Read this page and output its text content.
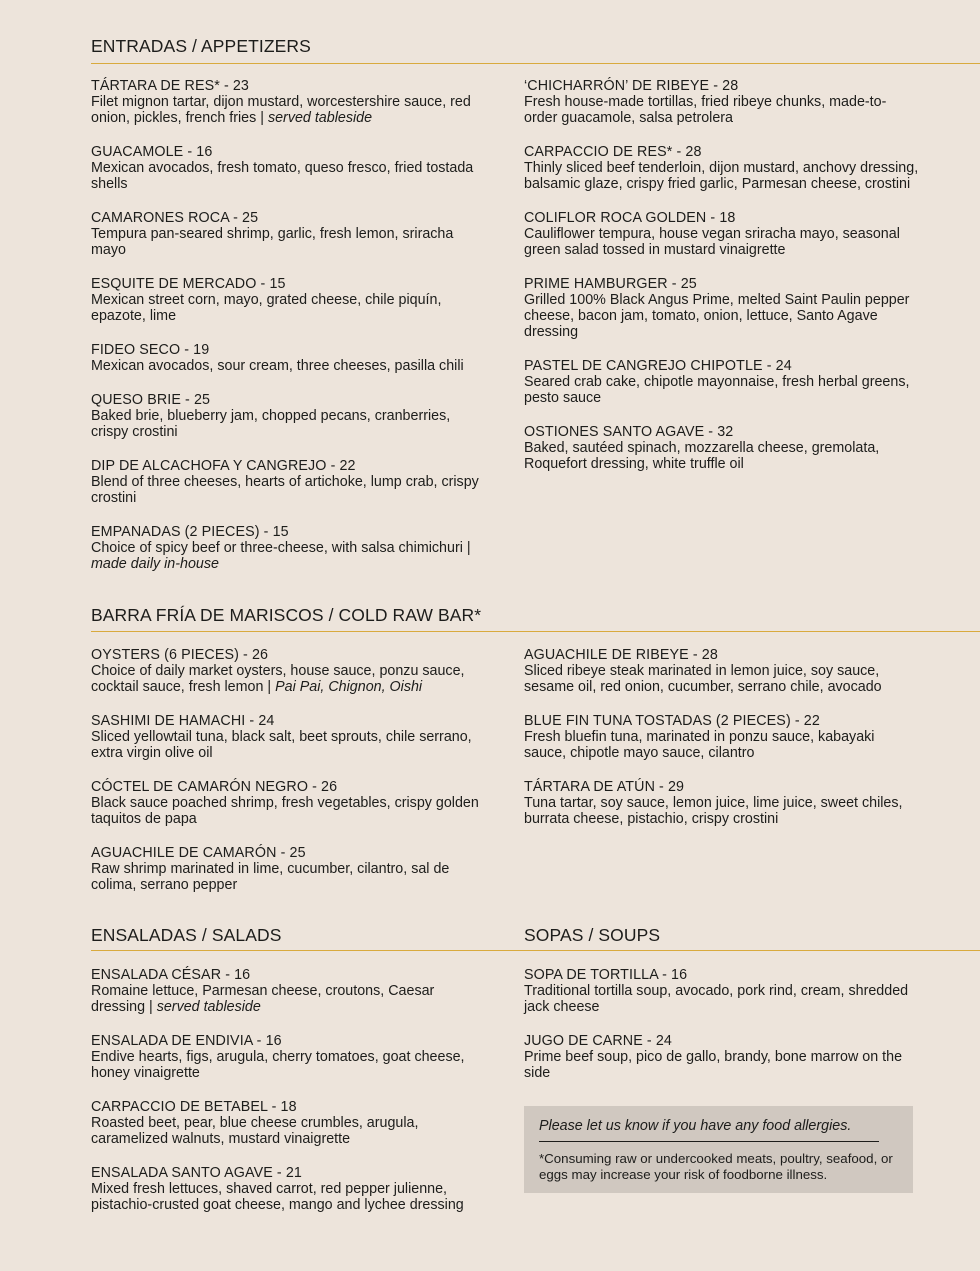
ENTRADAS / APPETIZERS
BARRA FRÍA DE MARISCOS / COLD RAW BAR*
ENSALADAS / SALADS	SOPAS / SOUPS
TÁRTARA DE RES* - 23
Filet mignon tartar, dijon mustard, worcestershire sauce, red onion, pickles, french fries | served tableside
GUACAMOLE - 16
Mexican avocados, fresh tomato, queso fresco, fried tostada shells
CAMARONES ROCA - 25
Tempura pan-seared shrimp, garlic, fresh lemon, sriracha mayo
ESQUITE DE MERCADO - 15
Mexican street corn, mayo, grated cheese, chile piquín, epazote, lime
FIDEO SECO - 19
Mexican avocados, sour cream, three cheeses, pasilla chili
QUESO BRIE - 25
Baked brie, blueberry jam, chopped pecans, cranberries, crispy crostini
DIP DE ALCACHOFA Y CANGREJO - 22
Blend of three cheeses, hearts of artichoke, lump crab, crispy crostini
EMPANADAS (2 PIECES) - 15
Choice of spicy beef or three-cheese, with salsa chimichuri | made daily in-house
‘CHICHARRÓN’ DE RIBEYE - 28
Fresh house-made tortillas, fried ribeye chunks, made-to-order guacamole, salsa petrolera
CARPACCIO DE RES* - 28
Thinly sliced beef tenderloin, dijon mustard, anchovy dressing, balsamic glaze, crispy fried garlic, Parmesan cheese, crostini
COLIFLOR ROCA GOLDEN - 18
Cauliflower tempura, house vegan sriracha mayo, seasonal green salad tossed in mustard vinaigrette
PRIME HAMBURGER - 25
Grilled 100% Black Angus Prime, melted Saint Paulin pepper cheese, bacon jam, tomato, onion, lettuce, Santo Agave dressing
PASTEL DE CANGREJO CHIPOTLE - 24
Seared crab cake, chipotle mayonnaise, fresh herbal greens, pesto sauce
OSTIONES SANTO AGAVE - 32
Baked, sautéed spinach, mozzarella cheese, gremolata, Roquefort dressing, white truffle oil
OYSTERS (6 PIECES) - 26
Choice of daily market oysters, house sauce, ponzu sauce, cocktail sauce, fresh lemon | Pai Pai, Chignon, Oishi
SASHIMI DE HAMACHI - 24
Sliced yellowtail tuna, black salt, beet sprouts, chile serrano, extra virgin olive oil
CÓCTEL DE CAMARÓN NEGRO - 26
Black sauce poached shrimp, fresh vegetables, crispy golden taquitos de papa
AGUACHILE DE CAMARÓN - 25
Raw shrimp marinated in lime, cucumber, cilantro, sal de colima, serrano pepper
AGUACHILE DE RIBEYE - 28
Sliced ribeye steak marinated in lemon juice, soy sauce, sesame oil, red onion, cucumber, serrano chile, avocado
BLUE FIN TUNA TOSTADAS (2 PIECES) - 22
Fresh bluefin tuna, marinated in ponzu sauce, kabayaki sauce, chipotle mayo sauce, cilantro
TÁRTARA DE ATÚN - 29
Tuna tartar, soy sauce, lemon juice, lime juice, sweet chiles, burrata cheese, pistachio, crispy crostini
ENSALADA CÉSAR - 16
Romaine lettuce, Parmesan cheese, croutons, Caesar dressing | served tableside
ENSALADA DE ENDIVIA - 16
Endive hearts, figs, arugula, cherry tomatoes, goat cheese, honey vinaigrette
CARPACCIO DE BETABEL - 18
Roasted beet, pear, blue cheese crumbles, arugula, caramelized walnuts, mustard vinaigrette
ENSALADA SANTO AGAVE - 21
Mixed fresh lettuces, shaved carrot, red pepper julienne, pistachio-crusted goat cheese, mango and lychee dressing
SOPA DE TORTILLA - 16
Traditional tortilla soup, avocado, pork rind, cream, shredded jack cheese
JUGO DE CARNE - 24
Prime beef soup, pico de gallo, brandy, bone marrow on the side
Please let us know if you have any food allergies.
*Consuming raw or undercooked meats, poultry, seafood, or eggs may increase your risk of foodborne illness.
